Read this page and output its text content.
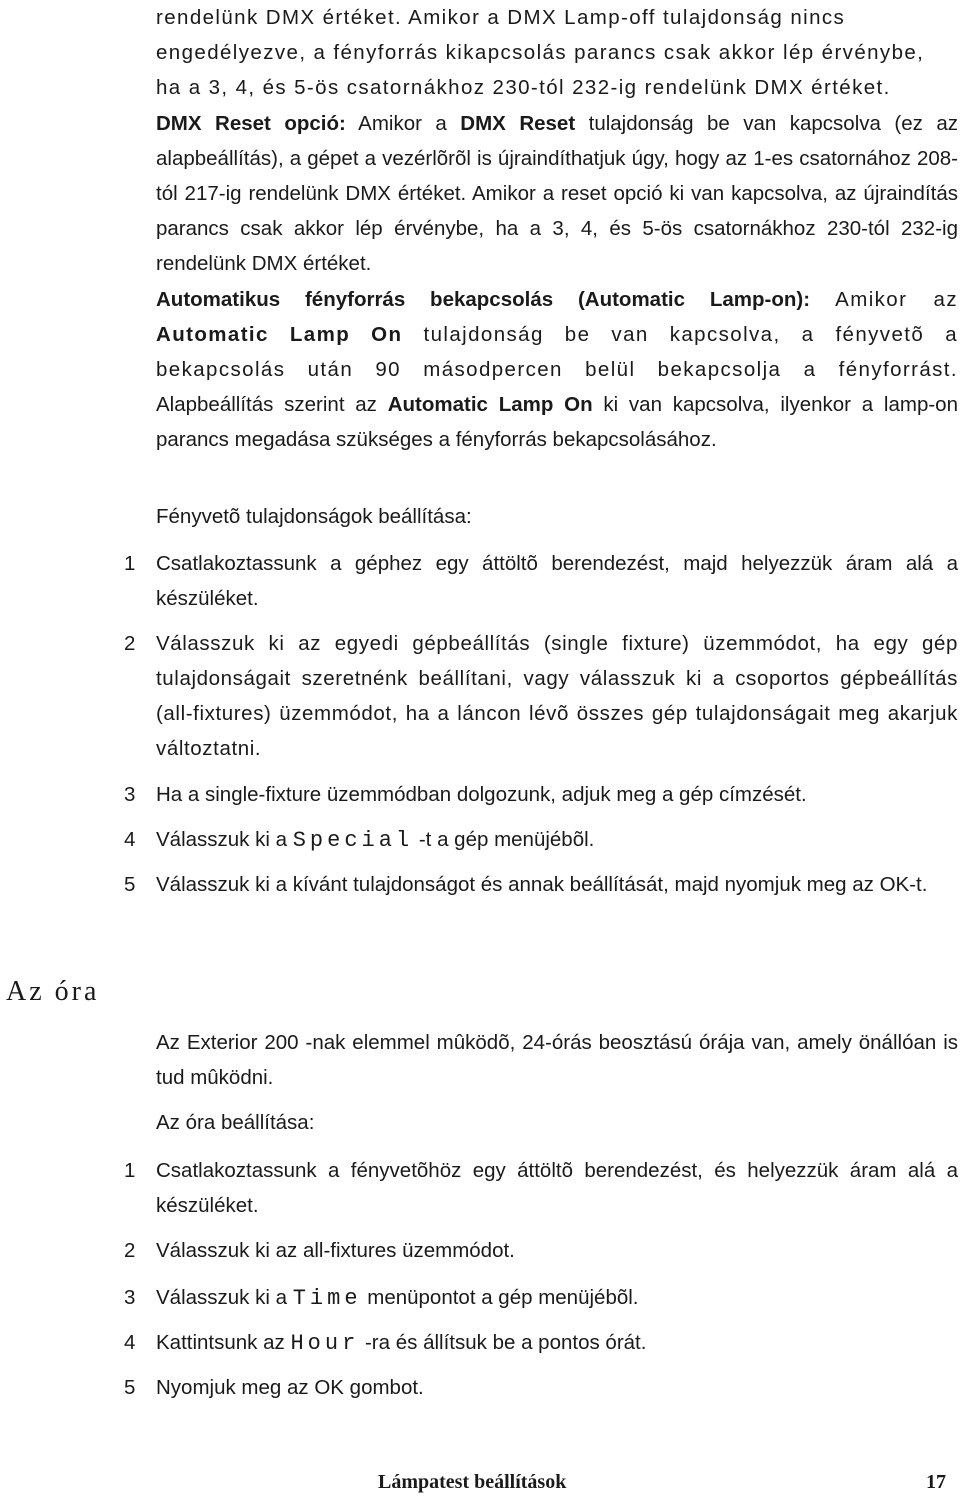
rendelünk DMX értéket. Amikor a DMX Lamp-off tulajdonság nincs
engedélyezve, a fényforrás kikapcsolás parancs csak akkor lép érvénybe,
ha a 3, 4, és 5-ös csatornákhoz 230-tól 232-ig rendelünk DMX értéket.
DMX Reset opció: Amikor a DMX Reset tulajdonság be van kapcsolva (ez az alapbeállítás), a gépet a vezérlõrõl is újraindíthatjuk úgy, hogy az 1-es csatornához 208-tól 217-ig rendelünk DMX értéket. Amikor a reset opció ki van kapcsolva, az újraindítás parancs csak akkor lép érvénybe, ha a 3, 4, és 5-ös csatornákhoz 230-tól 232-ig rendelünk DMX értéket.
Automatikus fényforrás bekapcsolás (Automatic Lamp-on): Amikor az Automatic Lamp On tulajdonság be van kapcsolva, a fényvetõ a bekapcsolás után 90 másodpercen belül bekapcsolja a fényforrást. Alapbeállítás szerint az Automatic Lamp On ki van kapcsolva, ilyenkor a lamp-on parancs megadása szükséges a fényforrás bekapcsolásához.
Fényvetõ tulajdonságok beállítása:
1	Csatlakoztassunk a géphez egy áttöltõ berendezést, majd helyezzük áram alá a készüléket.
2	Válasszuk ki az egyedi gépbeállítás (single fixture) üzemmódot, ha egy gép tulajdonságait szeretnénk beállítani, vagy válasszuk ki a csoportos gépbeállítás (all-fixtures) üzemmódot, ha a láncon lévõ összes gép tulajdonságait meg akarjuk változtatni.
3	Ha a single-fixture üzemmódban dolgozunk, adjuk meg a gép címzését.
4	Válasszuk ki a Special -t a gép menüjébõl.
5	Válasszuk ki a kívánt tulajdonságot és annak beállítását, majd nyomjuk meg az OK-t.
Az óra
Az Exterior 200 -nak elemmel mûködõ, 24-órás beosztású órája van, amely önállóan is tud mûködni.
Az óra beállítása:
1	Csatlakoztassunk a fényvetõhöz egy áttöltõ berendezést, és helyezzük áram alá a készüléket.
2	Válasszuk ki az all-fixtures üzemmódot.
3	Válasszuk ki a Time menüpontot a gép menüjébõl.
4	Kattintsunk az Hour -ra és állítsuk be a pontos órát.
5	Nyomjuk meg az OK gombot.
Lámpatest beállítások	17
